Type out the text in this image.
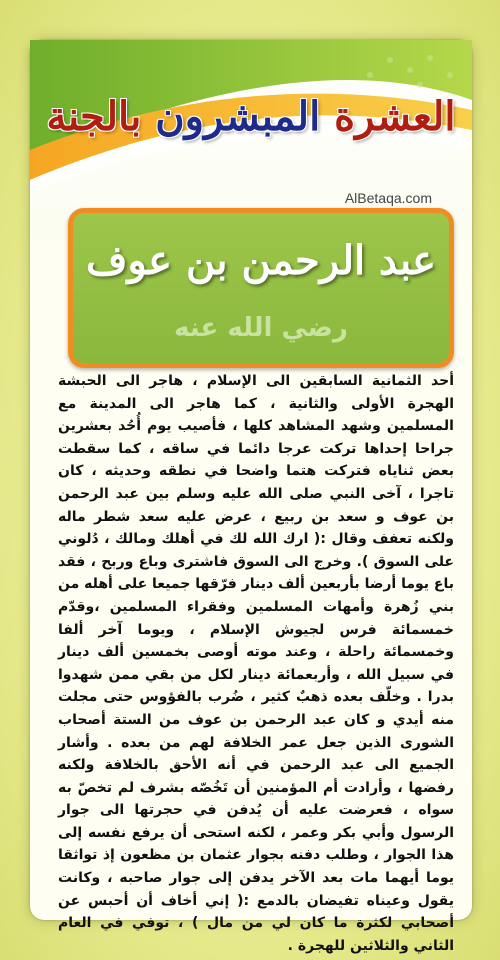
العشرة المبشرون بالجنة
AlBetaqa.com
عبد الرحمن بن عوف
رضي الله عنه
أحد الثمانية السابقين الى الإسلام ، هاجر الى الحبشة الهجرة الأولى والثانية ، كما هاجر الى المدينة مع المسلمين وشهد المشاهد كلها ، فأصيب يوم أُحُد بعشرين جراحا إحداها تركت عرجا دائما في ساقه ، كما سقطت بعض ثناياه فتركت هتما واضحا في نطقه وحديثه ، كان تاجرا ، آخى النبي صلى الله عليه وسلم بين عبد الرحمن بن عوف و سعد بن ربيع ، عرض عليه سعد شطر ماله ولكنه تعفف وقال :( ارك الله لك في أهلك ومالك ، دُلوني على السوق ). وخرج الى السوق فاشترى وباع وربح ، فقد باع يوما أرضا بأربعين ألف دينار فرّقها جميعا على أهله من بني زُهرة وأمهات المسلمين وفقراء المسلمين ،وقدّم خمسمائة فرس لجيوش الإسلام ، ويوما آخر ألفا وخمسمائة راحلة ، وعند موته أوصى بخمسين ألف دينار في سبيل الله ، وأربعمائة دينار لكل من بقي ممن شهدوا بدرا . وخلّف بعده ذهبٌ كثير ، ضُرب بالفؤوس حتى مجلت منه أيدي و كان عبد الرحمن بن عوف من الستة أصحاب الشورى الذين جعل عمر الخلافة لهم من بعده . وأشار الجميع الى عبد الرحمن في أنه الأحق بالخلافة ولكنه رفضها ، وأرادت أم المؤمنين أن تَخُصّه بشرف لم تخصّ به سواه ، فعرضت عليه أن يُدفن في حجرتها الى جوار الرسول وأبي بكر وعمر ، لكنه استحى أن يرفع نفسه إلى هذا الجوار ، وطلب دفنه بجوار عثمان بن مظعون إذ تواثقا يوما أيهما مات بعد الآخر يدفن إلى جوار صاحبه ، وكانت يقول وعيناه تفيضان بالدمع :( إني أخاف أن أحبس عن أصحابي لكثرة ما كان لي من مال ) ، توفي في العام الثاني والثلاثين للهجرة .
